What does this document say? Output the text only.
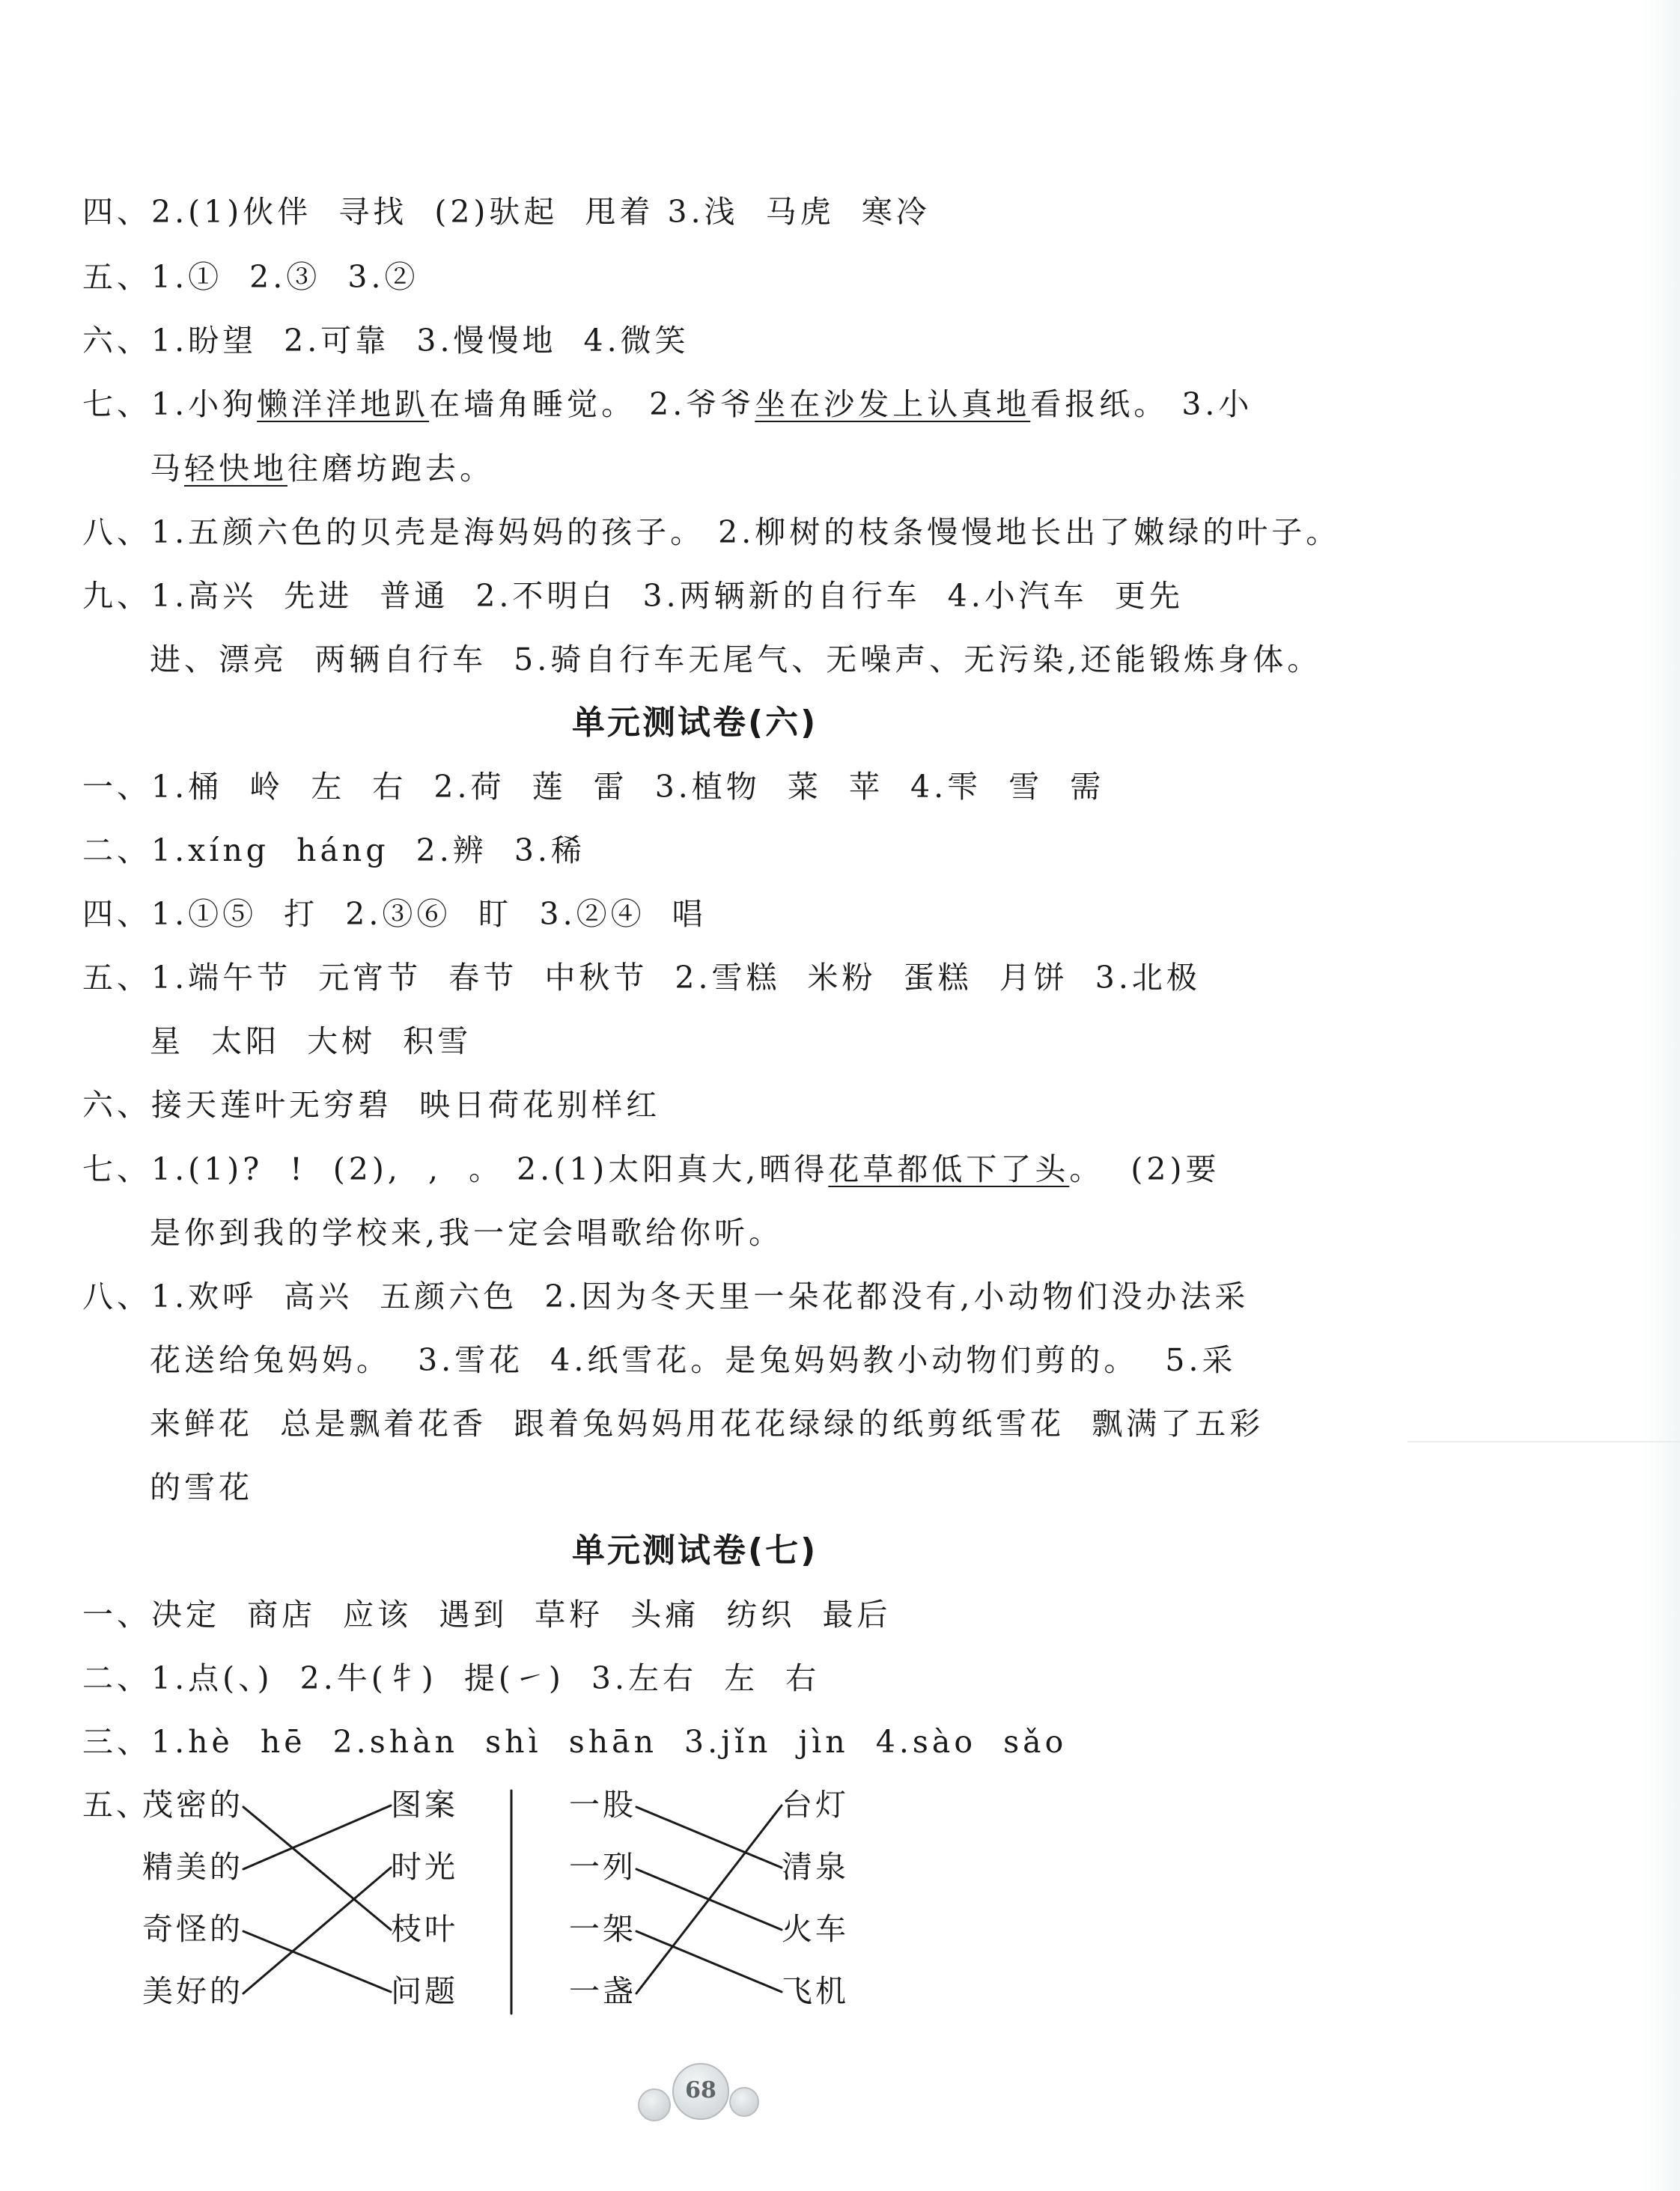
四、2.(1)伙伴  寻找  (2)驮起  甩着 3.浅  马虎  寒冷
五、1.①  2.③  3.②
六、1.盼望  2.可靠  3.慢慢地  4.微笑
七、1.小狗懒洋洋地趴在墙角睡觉。 2.爷爷坐在沙发上认真地看报纸。 3.小
马轻快地往磨坊跑去。
八、1.五颜六色的贝壳是海妈妈的孩子。 2.柳树的枝条慢慢地长出了嫩绿的叶子。
九、1.高兴  先进  普通  2.不明白  3.两辆新的自行车  4.小汽车  更先
进、漂亮  两辆自行车  5.骑自行车无尾气、无噪声、无污染,还能锻炼身体。
单元测试卷(六)
一、1.桶  岭  左  右  2.荷  莲  雷  3.植物  菜  苹  4.雫  雪  需
二、1.xíng  háng  2.辨  3.稀
四、1.①⑤  打  2.③⑥  盯  3.②④  唱
五、1.端午节  元宵节  春节  中秋节  2.雪糕  米粉  蛋糕  月饼  3.北极
星  太阳  大树  积雪
六、接天莲叶无穷碧  映日荷花别样红
七、1.(1)?  !  (2),  ,  。 2.(1)太阳真大,晒得花草都低下了头。  (2)要
是你到我的学校来,我一定会唱歌给你听。
八、1.欢呼  高兴  五颜六色  2.因为冬天里一朵花都没有,小动物们没办法采
花送给兔妈妈。  3.雪花  4.纸雪花。是兔妈妈教小动物们剪的。  5.采
来鲜花  总是飘着花香  跟着兔妈妈用花花绿绿的纸剪纸雪花  飘满了五彩
的雪花
单元测试卷(七)
一、决定  商店  应该  遇到  草籽  头痛  纺织  最后
二、1.点(、)  2.牛(牜)  提(㇀)  3.左右  左  右
三、1.hè  hē  2.shàn  shì  shān  3.jǐn  jìn  4.sào  sǎo
五、
茂密的
精美的
奇怪的
美好的
图案
时光
枝叶
问题
一股
一列
一架
一盏
台灯
清泉
火车
飞机
68
